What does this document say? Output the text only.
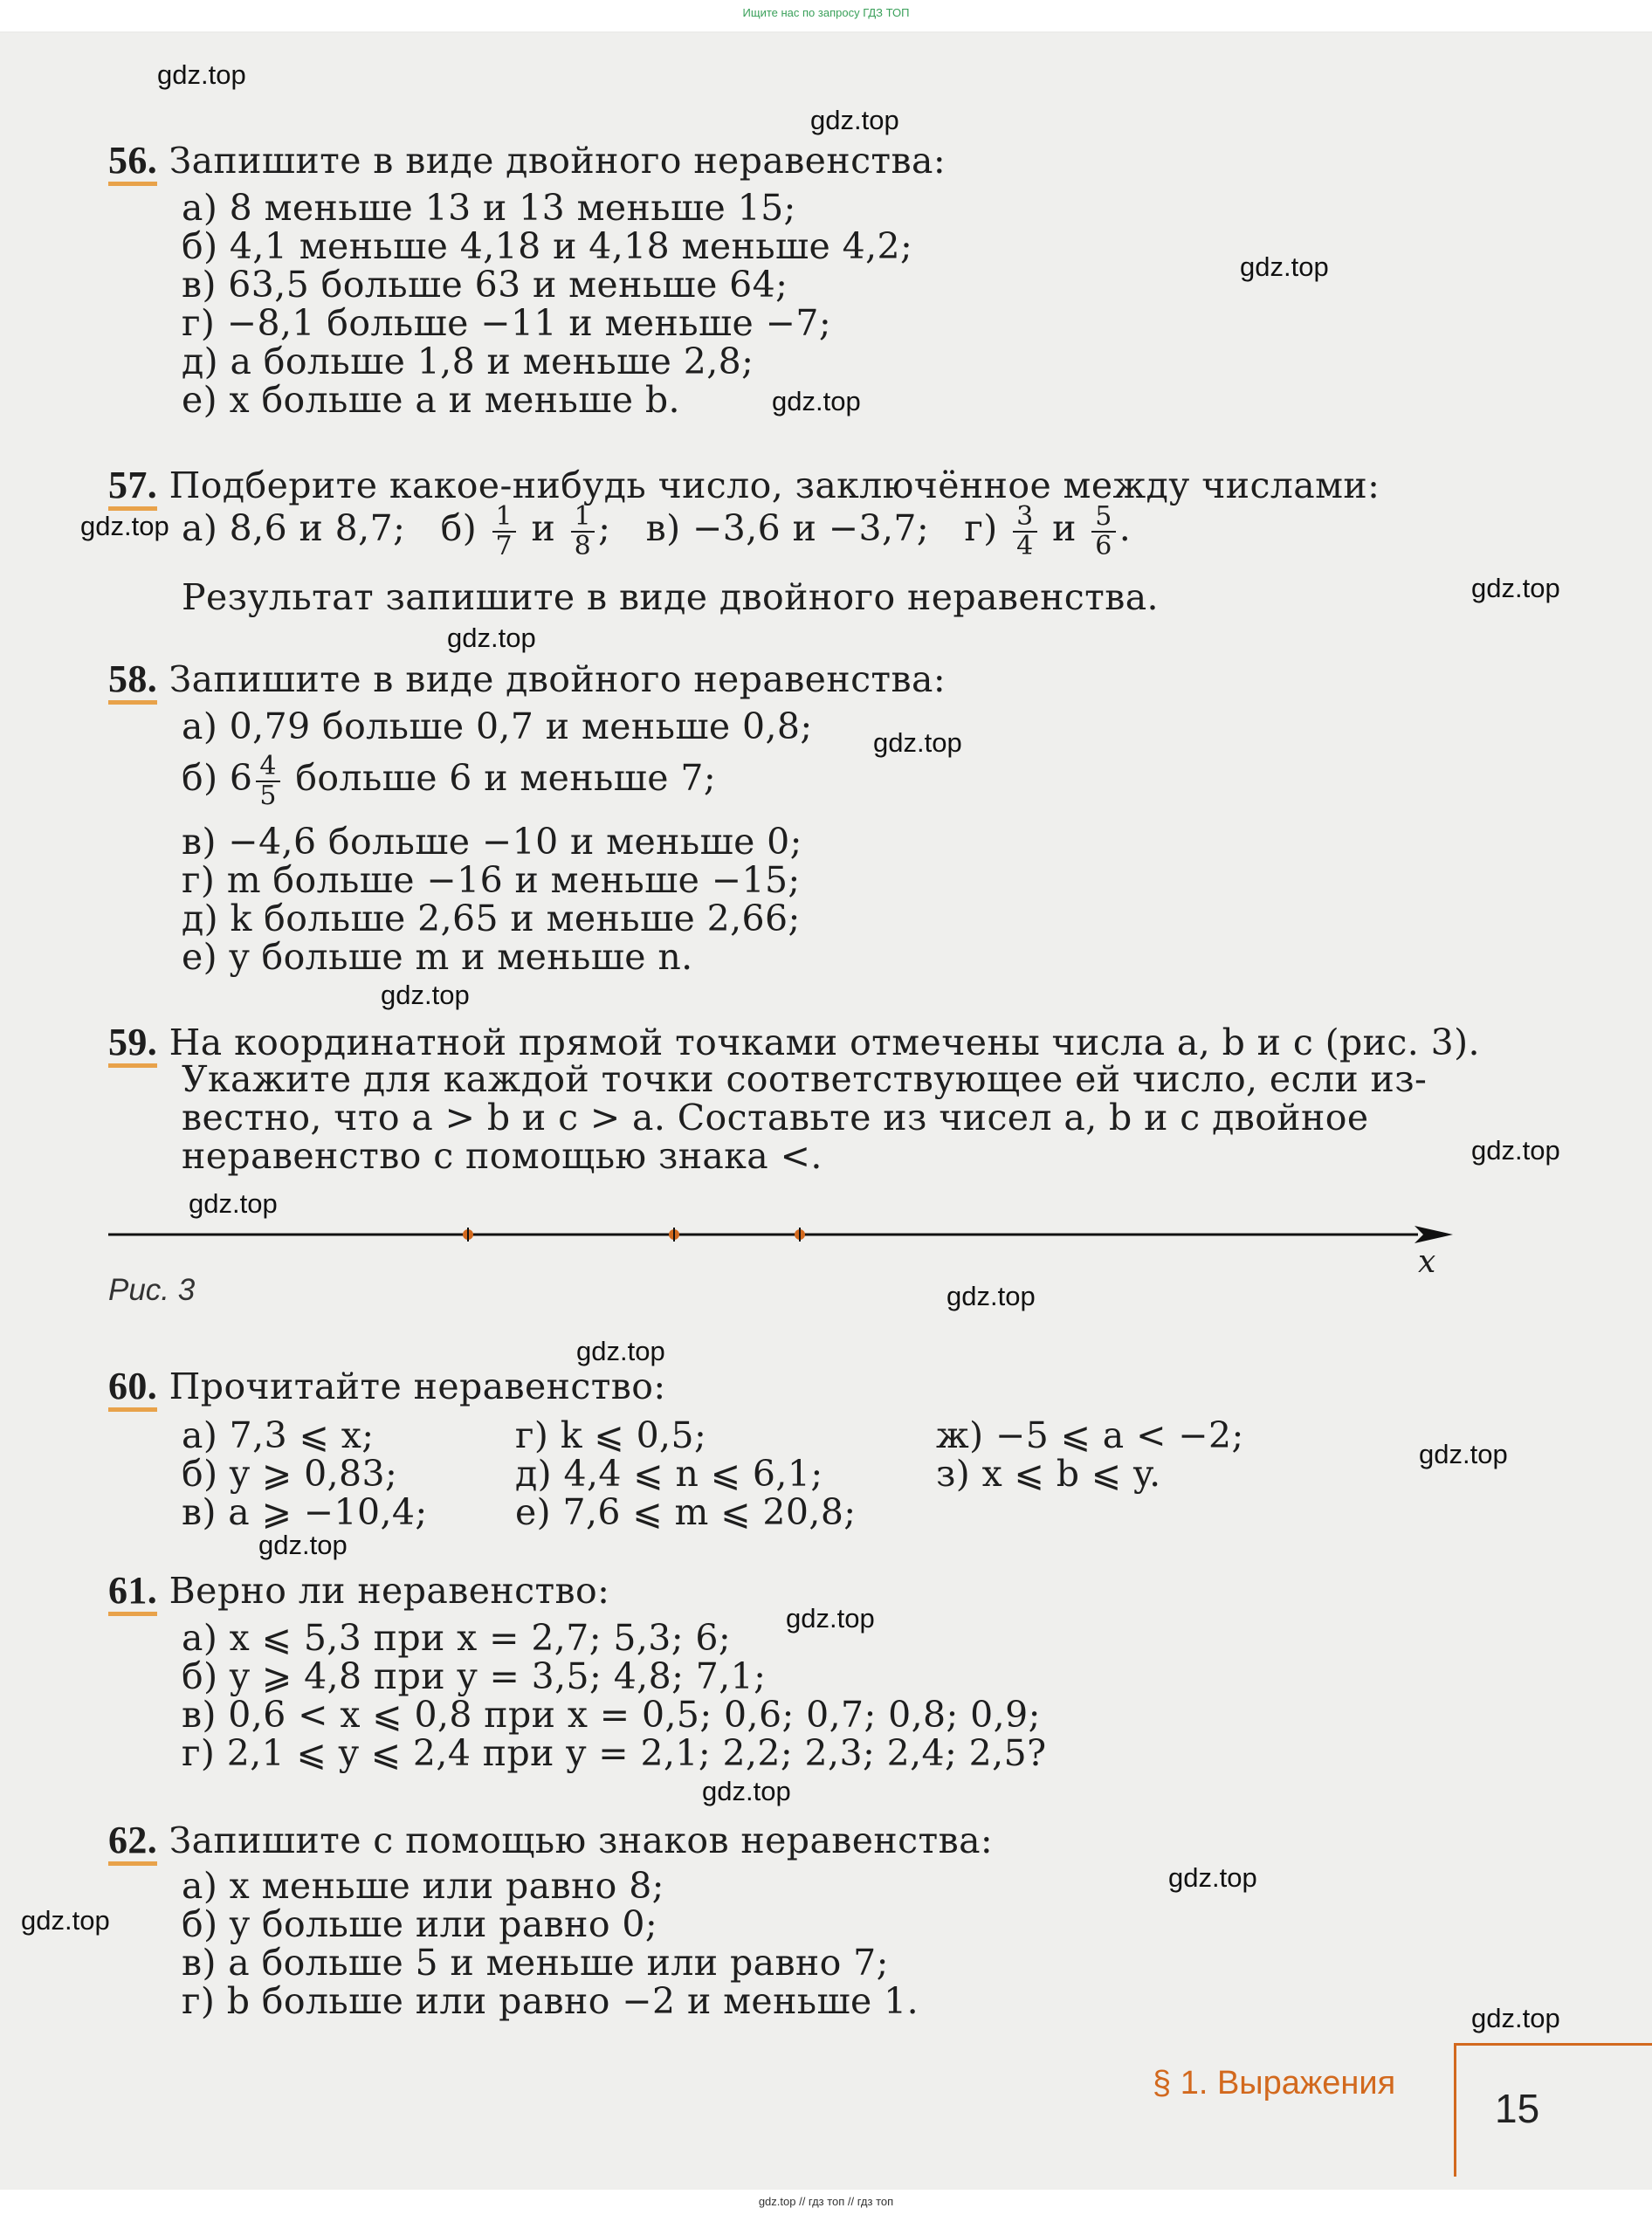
Ищите нас по запросу ГДЗ ТОП
gdz.top
gdz.top
gdz.top
gdz.top
gdz.top
gdz.top
gdz.top
gdz.top
gdz.top
gdz.top
gdz.top
gdz.top
gdz.top
gdz.top
gdz.top
gdz.top
gdz.top
gdz.top
gdz.top
gdz.top
56. Запишите в виде двойного неравенства:
а) 8 меньше 13 и 13 меньше 15;
б) 4,1 меньше 4,18 и 4,18 меньше 4,2;
в) 63,5 больше 63 и меньше 64;
г) −8,1 больше −11 и меньше −7;
д) a больше 1,8 и меньше 2,8;
е) x больше a и меньше b.
57. Подберите какое-нибудь число, заключённое между числами:
а) 8,6 и 8,7; $б) \frac{1}{7}$ и $\frac{1}{8}$ ; в) −3,6 и −3,7; $г) \frac{3}{4}$ и $\frac{5}{6}$ .
Результат запишите в виде двойного неравенства.
58. Запишите в виде двойного неравенства:
а) 0,79 больше 0,7 и меньше 0,8;
б) $6 \frac{4}{5}$ больше 6 и меньше 7;
в) −4,6 больше −10 и меньше 0;
г) m больше −16 и меньше −15;
д) k больше 2,65 и меньше 2,66;
е) y больше m и меньше n.
59. На координатной прямой точками отмечены числа a, b и c (рис. 3).
Укажите для каждой точки соответствующее ей число, если из-
вестно, что a > b и c > a. Составьте из чисел a, b и c двойное
неравенство с помощью знака <.
x
Рис. 3
60. Прочитайте неравенство:
а) 7,3 ⩽ x;	г) k ⩽ 0,5;	ж) −5 ⩽ a < −2;
б) y ⩾ 0,83;	д) 4,4 ⩽ n ⩽ 6,1;	з) x ⩽ b ⩽ y.
в) a ⩾ −10,4; е) 7,6 ⩽ m ⩽ 20,8;
61. Верно ли неравенство:
а) x ⩽ 5,3 при x = 2,7; 5,3; 6;
б) y ⩾ 4,8 при y = 3,5; 4,8; 7,1;
в) 0,6 < x ⩽ 0,8 при x = 0,5; 0,6; 0,7; 0,8; 0,9;
г) 2,1 ⩽ y ⩽ 2,4 при y = 2,1; 2,2; 2,3; 2,4; 2,5?
62. Запишите с помощью знаков неравенства:
а) x меньше или равно 8;
б) y больше или равно 0;
в) a больше 5 и меньше или равно 7;
г) b больше или равно −2 и меньше 1.
§ 1. Выражения
15
gdz.top // гдз топ // гдз топ
